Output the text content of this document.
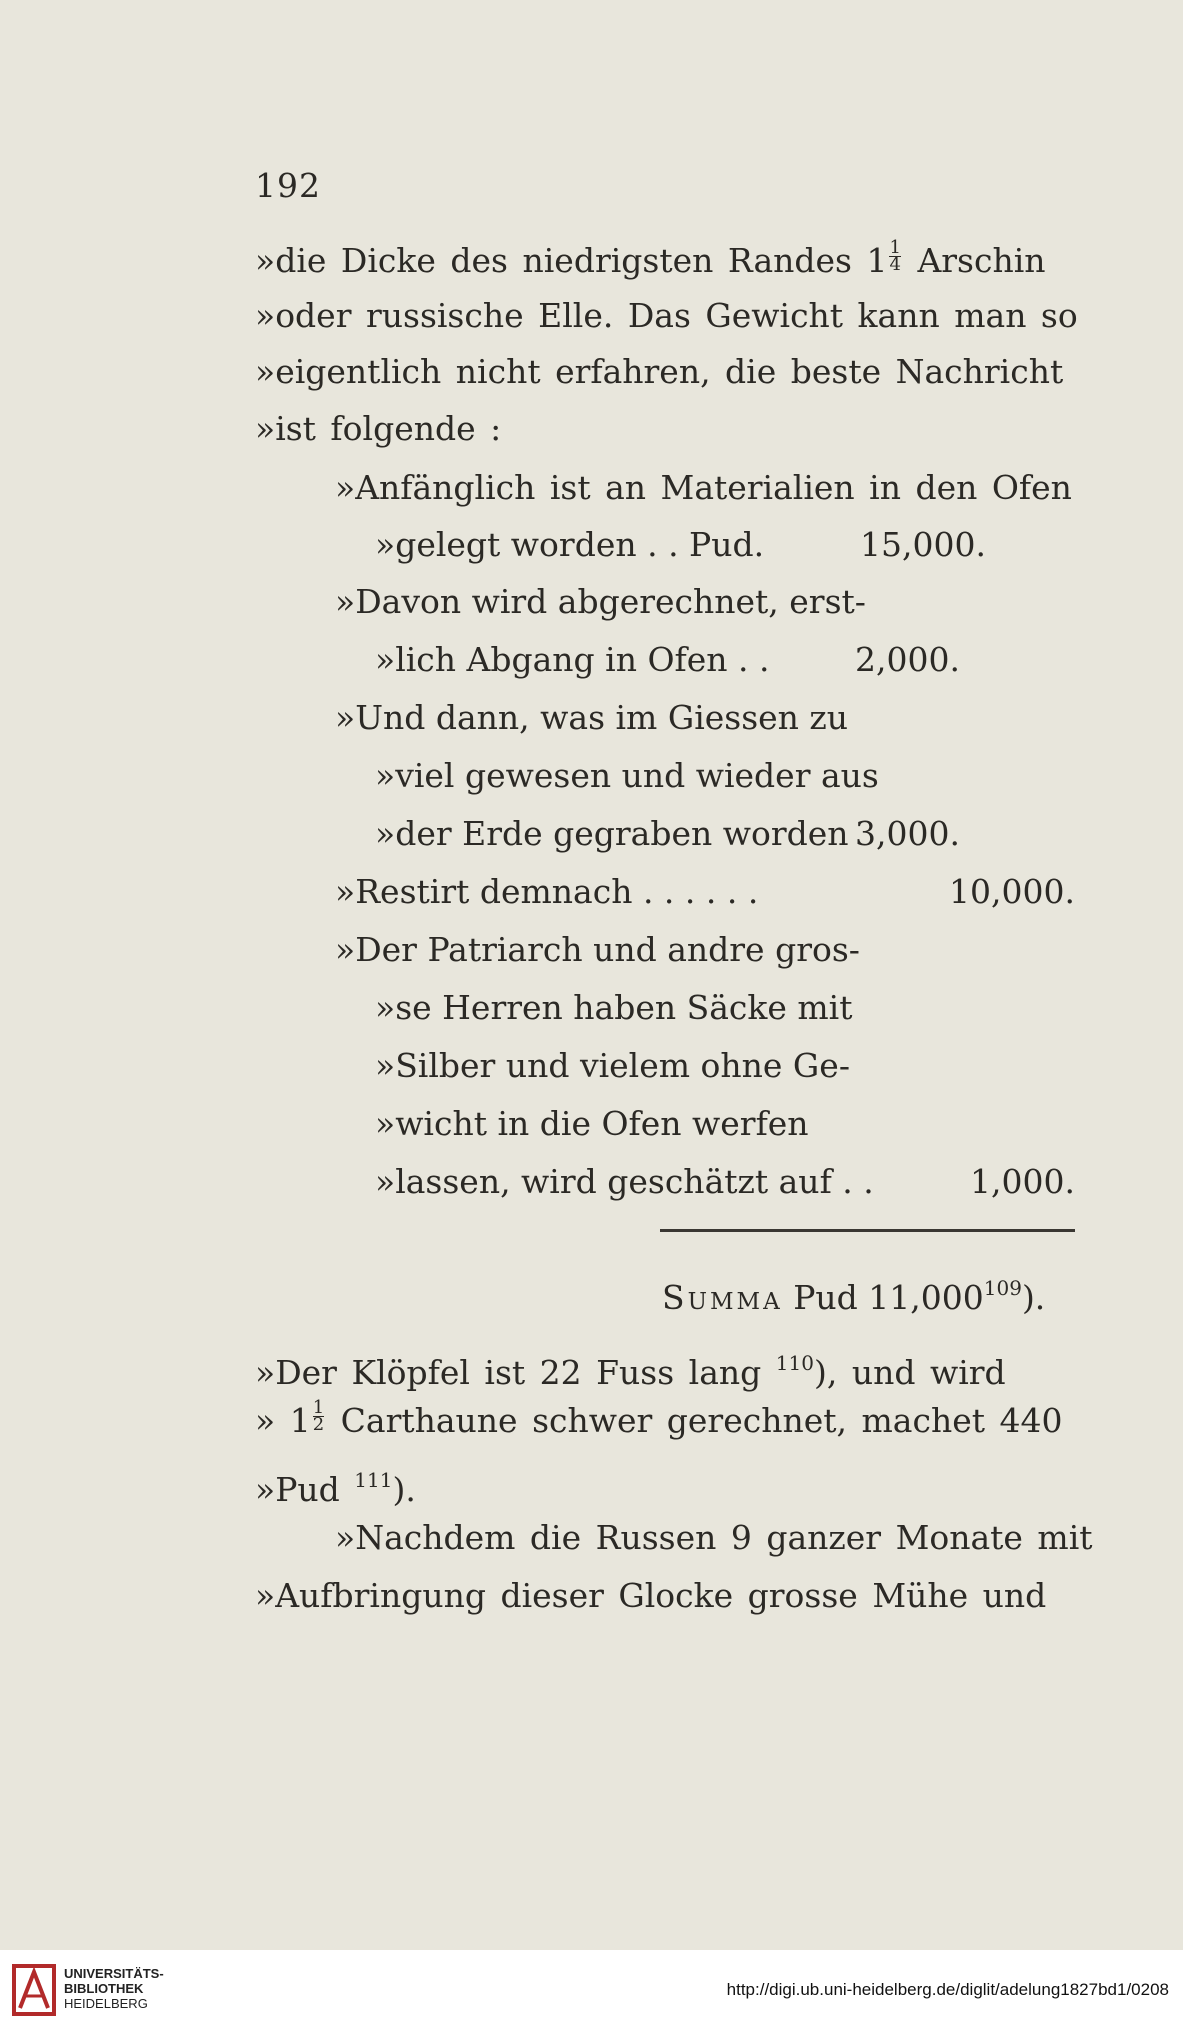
192
»die Dicke des niedrigsten Randes $1 \frac{1}{4}$ Arschin
»oder russische Elle. Das Gewicht kann man so
»eigentlich nicht erfahren, die beste Nachricht
»ist folgende :
»Anfänglich ist an Materialien in den Ofen
»gelegt worden . . Pud.	15,000.
»Davon wird abgerechnet, erst-
»lich Abgang in Ofen . .	2,000.
»Und dann, was im Giessen zu
»viel gewesen und wieder aus
»der Erde gegraben worden 3,000.
»Restirt demnach . . . . . .	10,000.
»Der Patriarch und andre gros-
»se Herren haben Säcke mit
»Silber und vielem ohne Ge-
»wicht in die Ofen werfen
»lassen, wird geschätzt auf . .	1,000.
Summa Pud 11,000$^{109}$).
»Der Klöpfel ist 22 Fuss lang $^{110}$), und wird
» $1 \frac{1}{2}$ Carthaune schwer gerechnet, machet 440
»Pud $^{111}$).
»Nachdem die Russen 9 ganzer Monate mit
»Aufbringung dieser Glocke grosse Mühe und
UNIVERSITÄTS-
BIBLIOTHEK
HEIDELBERG
http://digi.ub.uni-heidelberg.de/diglit/adelung1827bd1/0208
